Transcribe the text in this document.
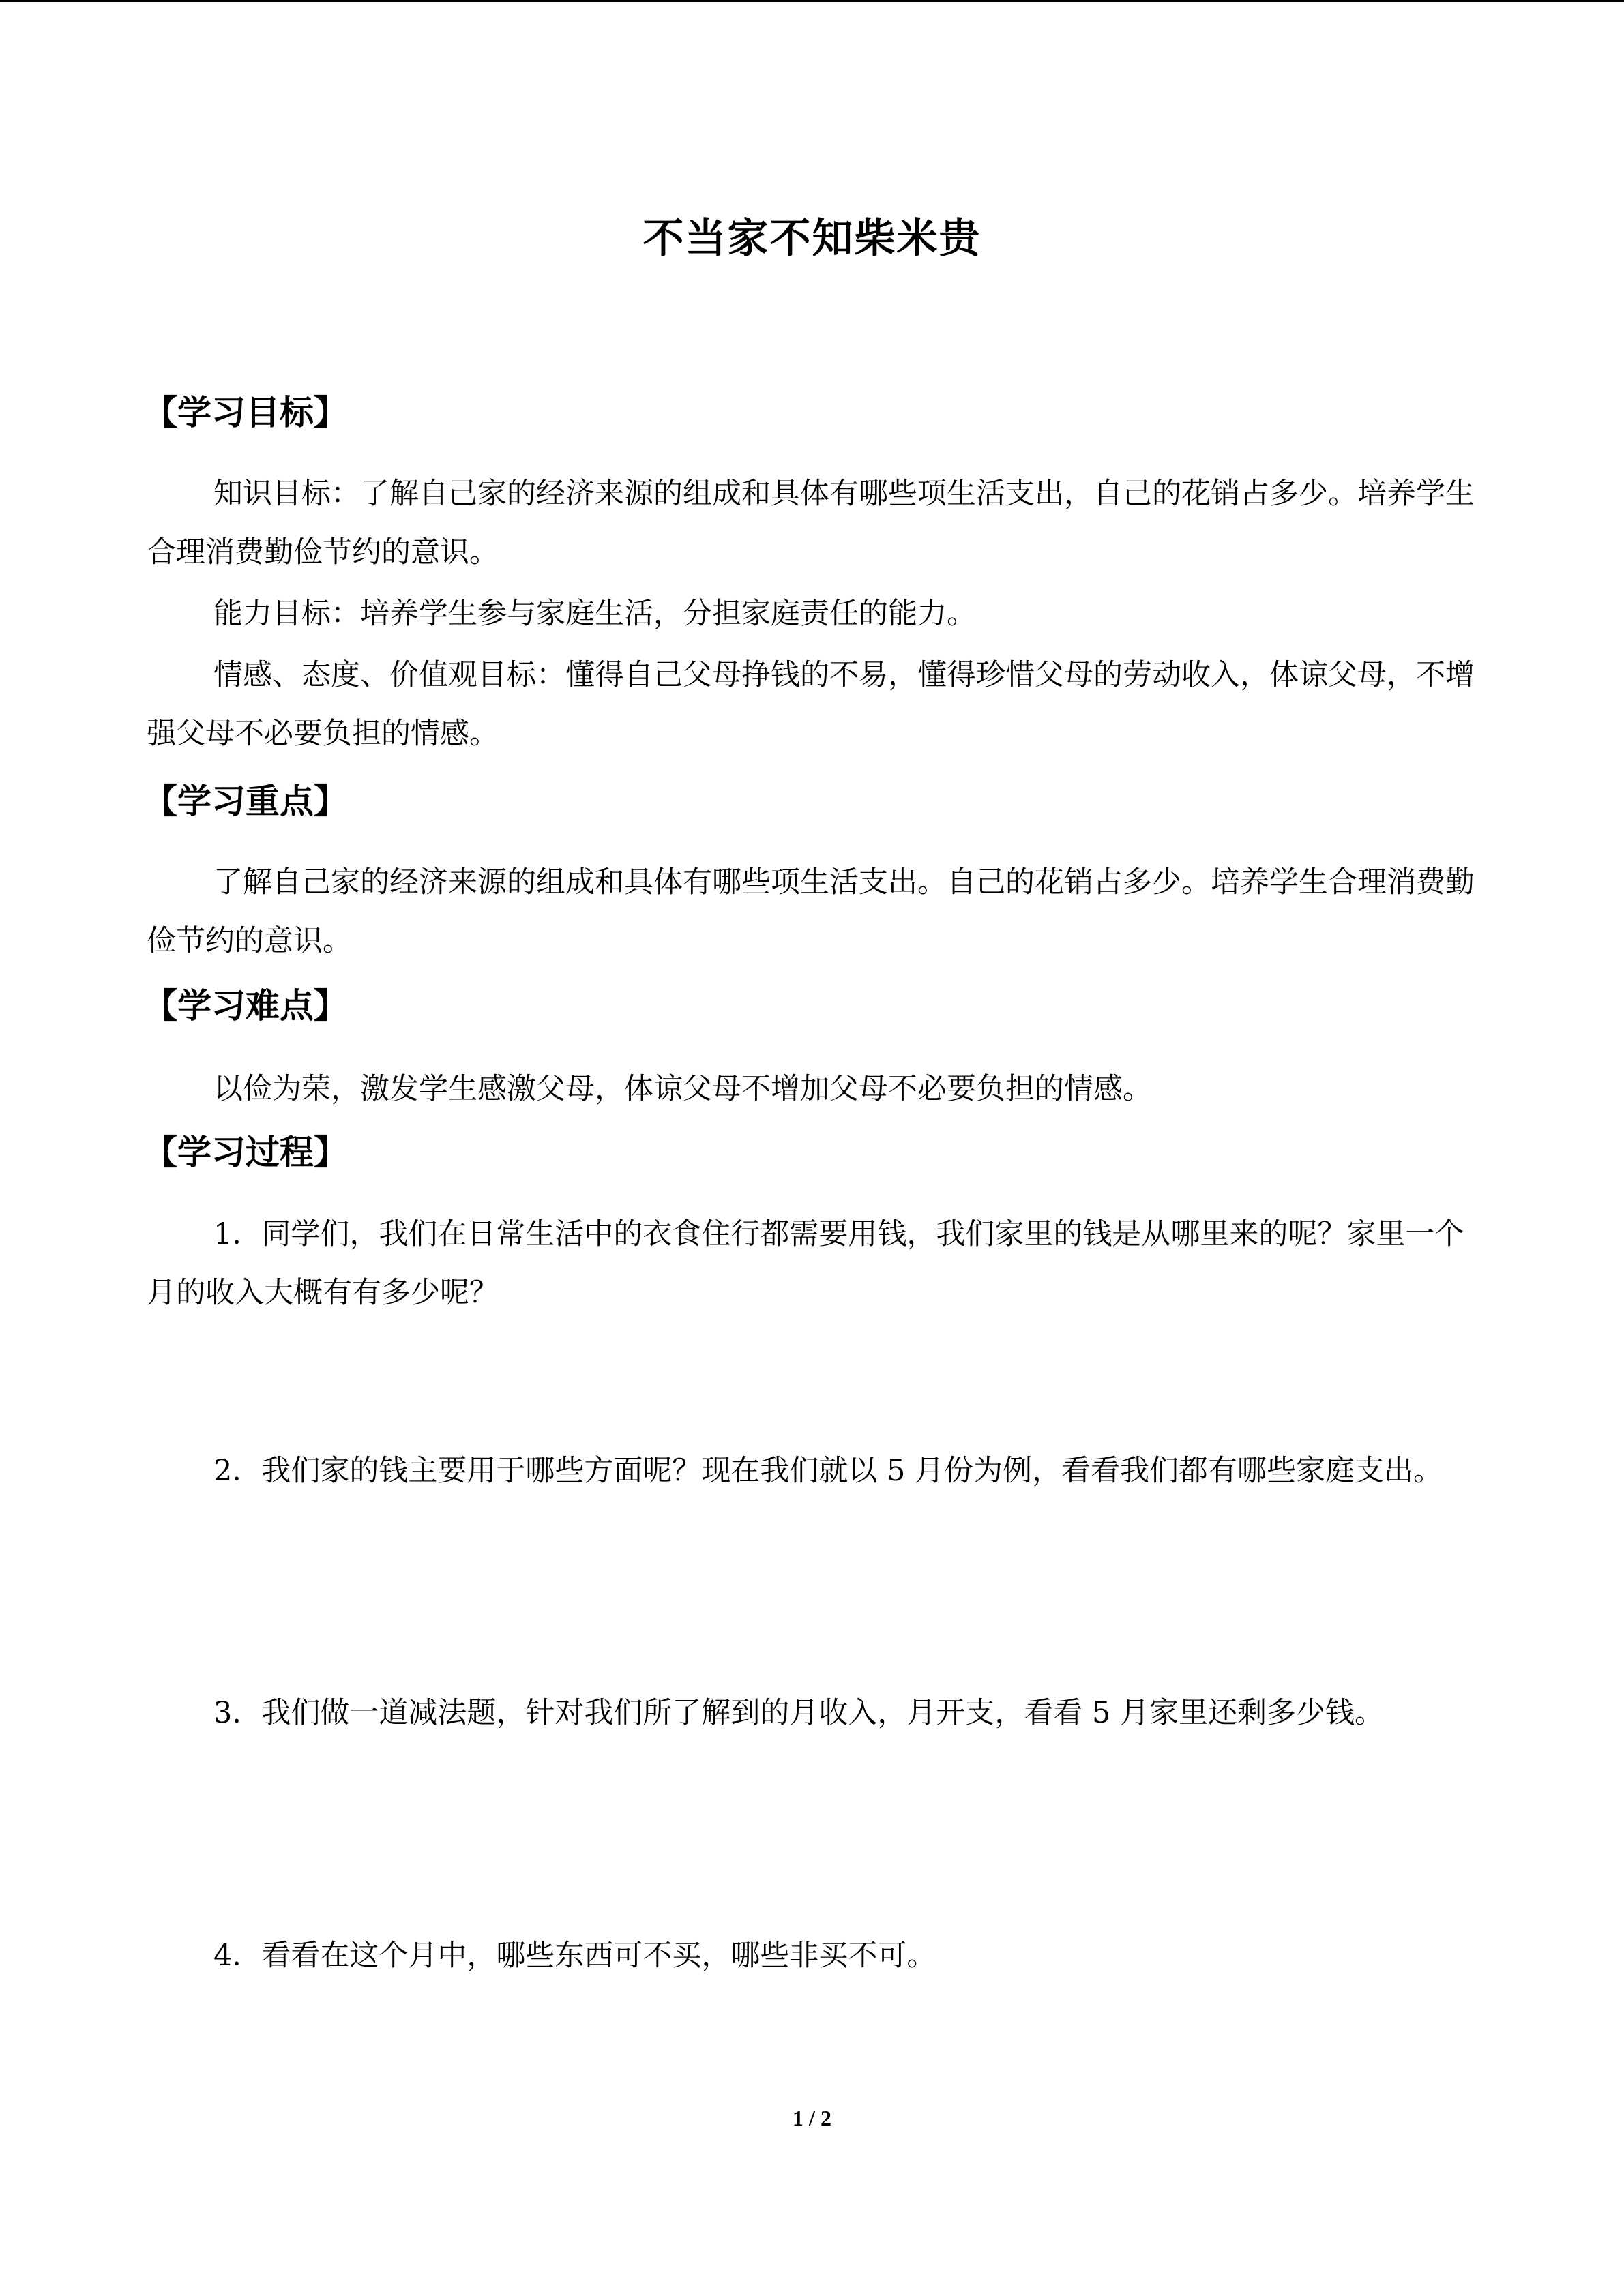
不当家不知柴米贵
【学习目标】
知识目标：了解自己家的经济来源的组成和具体有哪些项生活支出，自己的花销占多少。培养学生合理消费勤俭节约的意识。
能力目标：培养学生参与家庭生活，分担家庭责任的能力。
情感、态度、价值观目标：懂得自己父母挣钱的不易，懂得珍惜父母的劳动收入，体谅父母，不增强父母不必要负担的情感。
【学习重点】
了解自己家的经济来源的组成和具体有哪些项生活支出。自己的花销占多少。培养学生合理消费勤俭节约的意识。
【学习难点】
以俭为荣，激发学生感激父母，体谅父母不增加父母不必要负担的情感。
【学习过程】
1．同学们，我们在日常生活中的衣食住行都需要用钱，我们家里的钱是从哪里来的呢？家里一个月的收入大概有有多少呢？
2．我们家的钱主要用于哪些方面呢？现在我们就以 5 月份为例，看看我们都有哪些家庭支出。
3．我们做一道减法题，针对我们所了解到的月收入，月开支，看看 5 月家里还剩多少钱。
4．看看在这个月中，哪些东西可不买，哪些非买不可。
1 / 2
